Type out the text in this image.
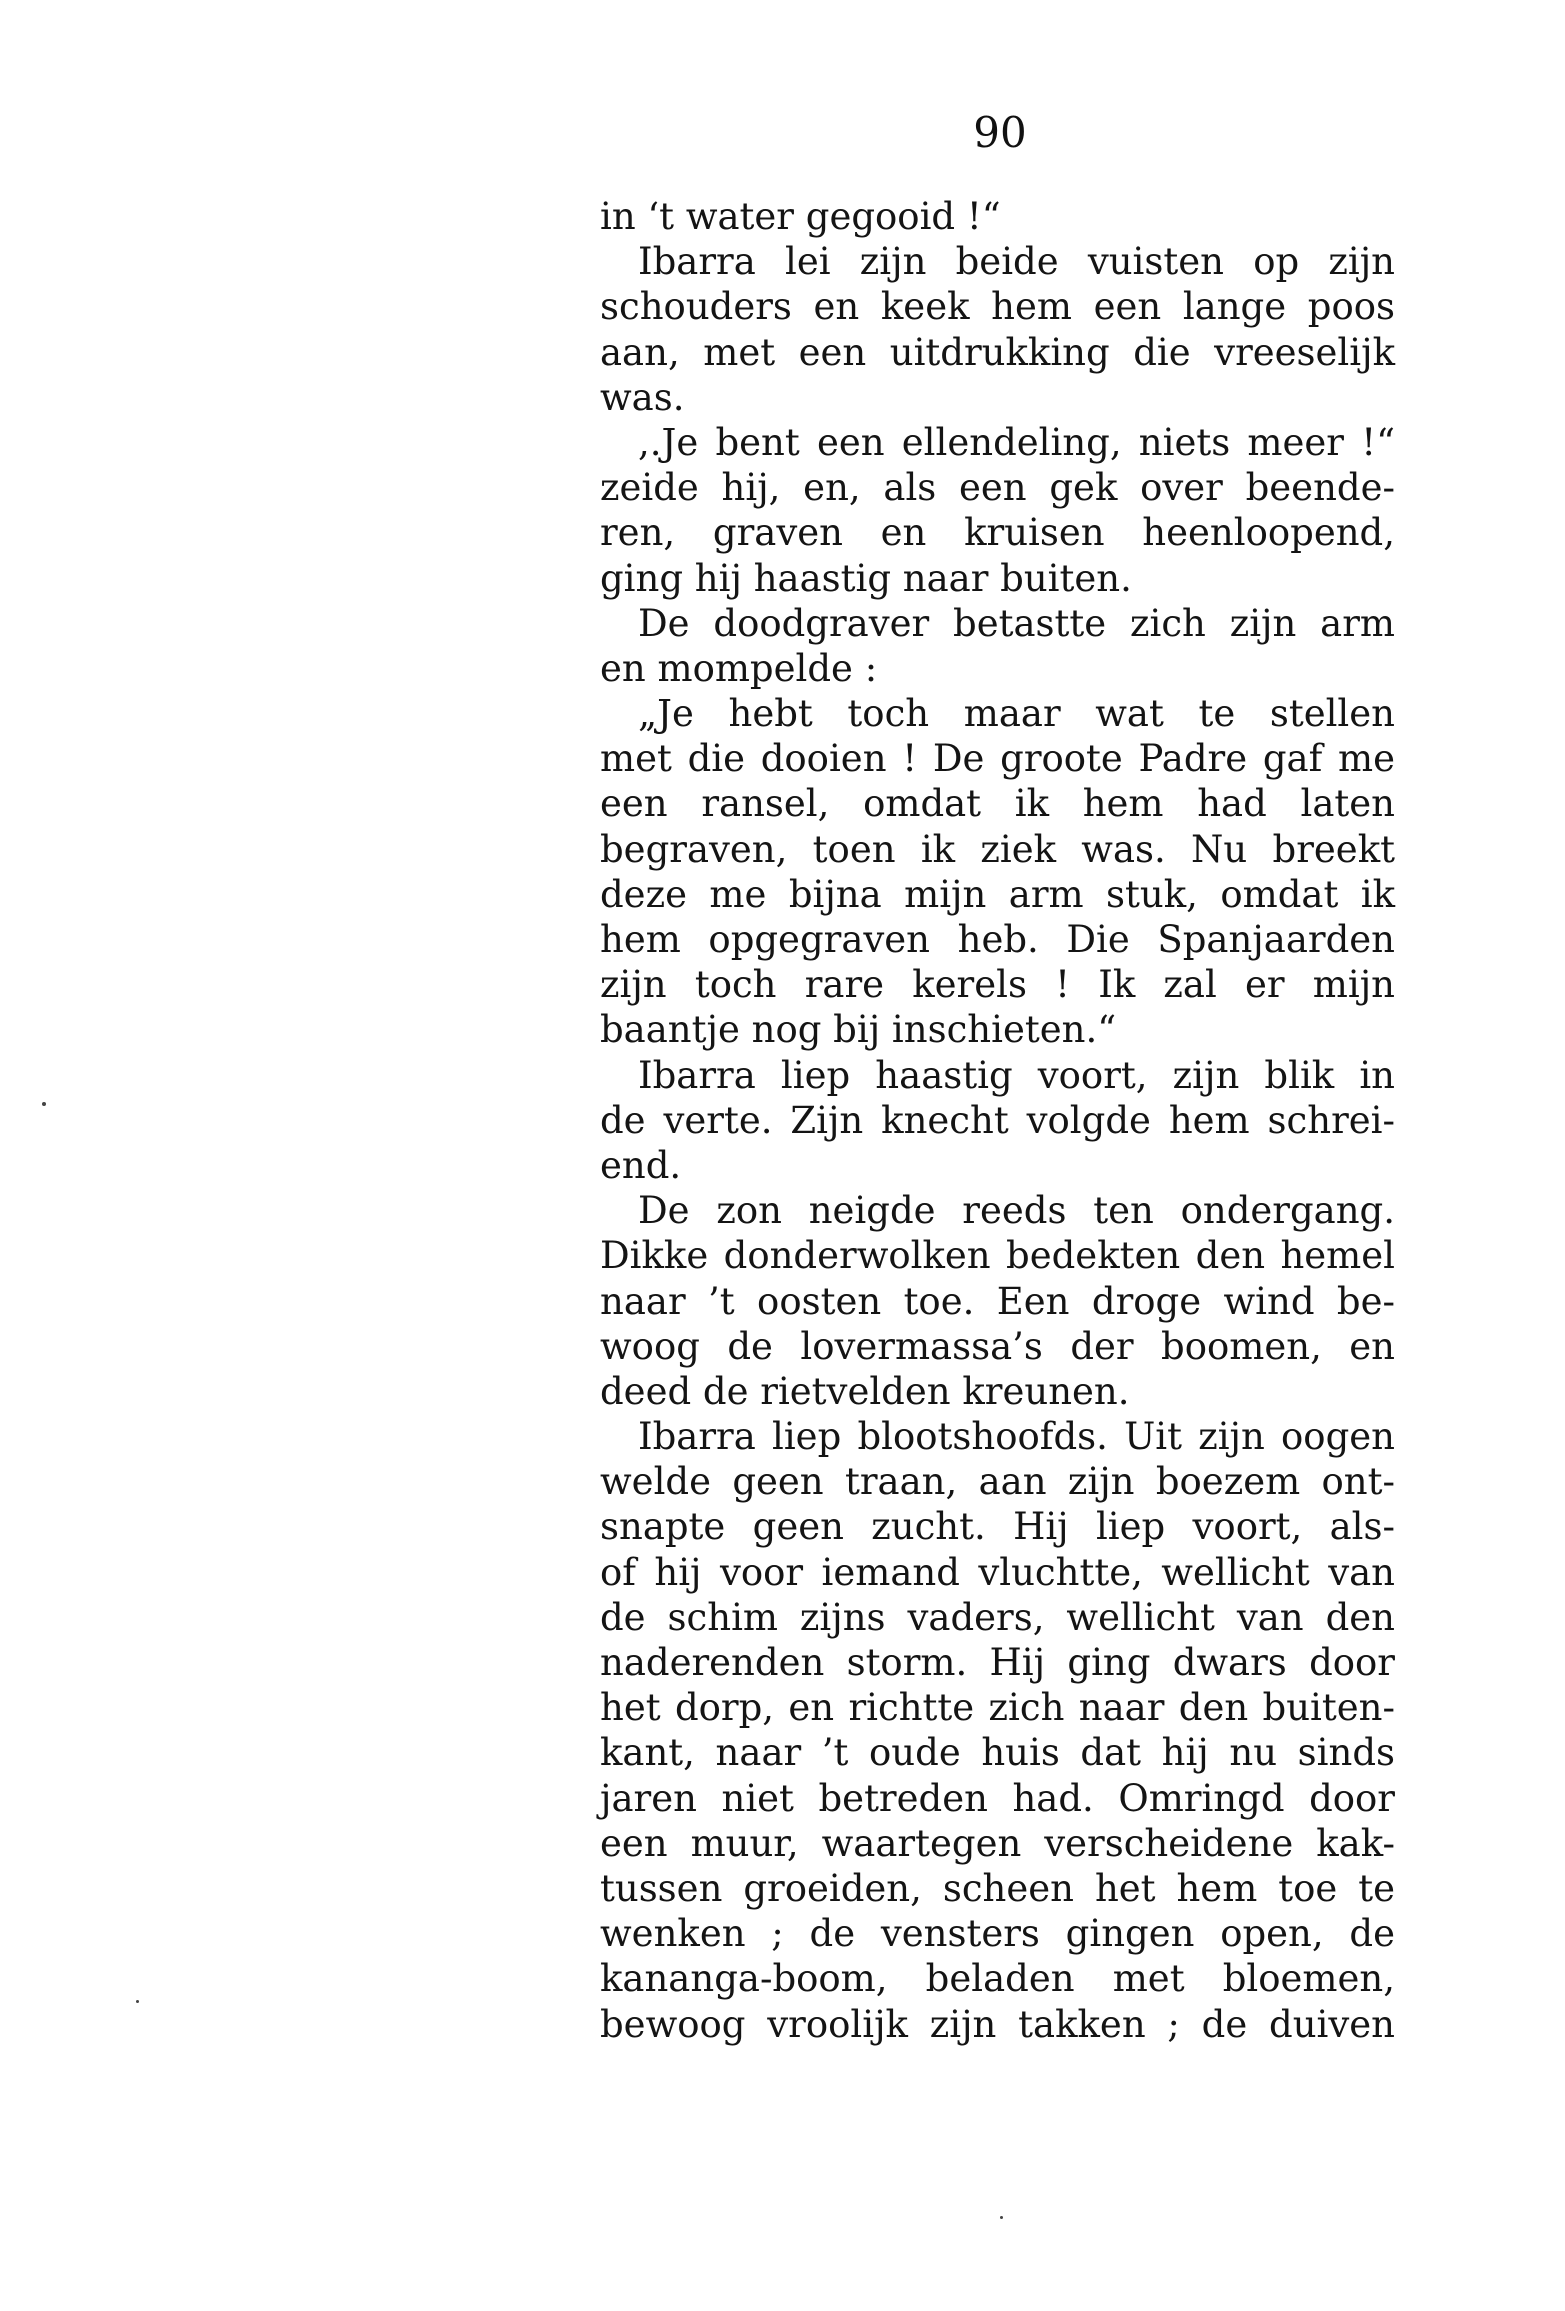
90
in ‘t water gegooid !“
Ibarra lei zijn beide vuisten op zijn
schouders en keek hem een lange poos
aan, met een uitdrukking die vreeselijk
was.
,.Je bent een ellendeling, niets meer !“
zeide hij, en, als een gek over beende-
ren, graven en kruisen heenloopend,
ging hij haastig naar buiten.
De doodgraver betastte zich zijn arm
en mompelde :
„Je hebt toch maar wat te stellen
met die dooien ! De groote Padre gaf me
een ransel, omdat ik hem had laten
begraven, toen ik ziek was. Nu breekt
deze me bijna mijn arm stuk, omdat ik
hem opgegraven heb. Die Spanjaarden
zijn toch rare kerels ! Ik zal er mijn
baantje nog bij inschieten.“
Ibarra liep haastig voort, zijn blik in
de verte. Zijn knecht volgde hem schrei-
end.
De zon neigde reeds ten ondergang.
Dikke donderwolken bedekten den hemel
naar ’t oosten toe. Een droge wind be-
woog de lovermassa’s der boomen, en
deed de rietvelden kreunen.
Ibarra liep blootshoofds. Uit zijn oogen
welde geen traan, aan zijn boezem ont-
snapte geen zucht. Hij liep voort, als-
of hij voor iemand vluchtte, wellicht van
de schim zijns vaders, wellicht van den
naderenden storm. Hij ging dwars door
het dorp, en richtte zich naar den buiten-
kant, naar ’t oude huis dat hij nu sinds
jaren niet betreden had. Omringd door
een muur, waartegen verscheidene kak-
tussen groeiden, scheen het hem toe te
wenken ; de vensters gingen open, de
kananga-boom, beladen met bloemen,
bewoog vroolijk zijn takken ; de duiven
